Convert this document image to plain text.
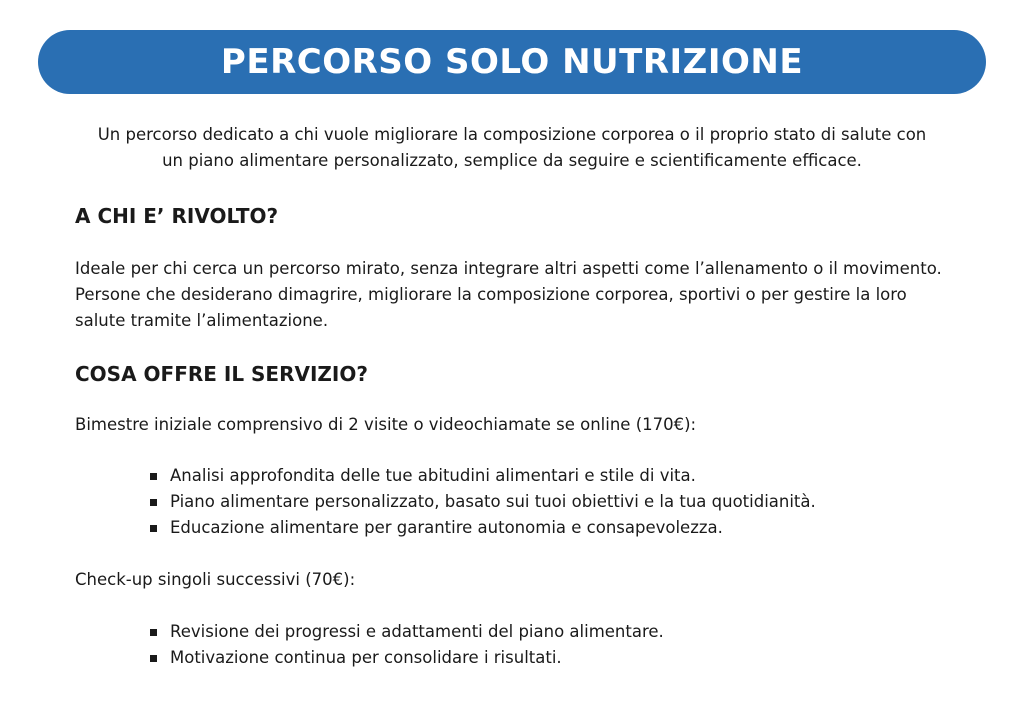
PERCORSO SOLO NUTRIZIONE

Un percorso dedicato a chi vuole migliorare la composizione corporea o il proprio stato di salute con

un piano alimentare personalizzato, semplice da seguire e scientificamente efficace.

A CHI E’ RIVOLTO?

Ideale per chi cerca un percorso mirato, senza integrare altri aspetti come l’allenamento o il movimento.

Persone che desiderano dimagrire, migliorare la composizione corporea, sportivi o per gestire la loro

salute tramite l’alimentazione.

COSA OFFRE IL SERVIZIO?

Bimestre iniziale comprensivo di 2 visite o videochiamate se online (170€):

Analisi approfondita delle tue abitudini alimentari e stile di vita.
Piano alimentare personalizzato, basato sui tuoi obiettivi e la tua quotidianità.
Educazione alimentare per garantire autonomia e consapevolezza.

Check-up singoli successivi (70€):

Revisione dei progressi e adattamenti del piano alimentare.
Motivazione continua per consolidare i risultati.
